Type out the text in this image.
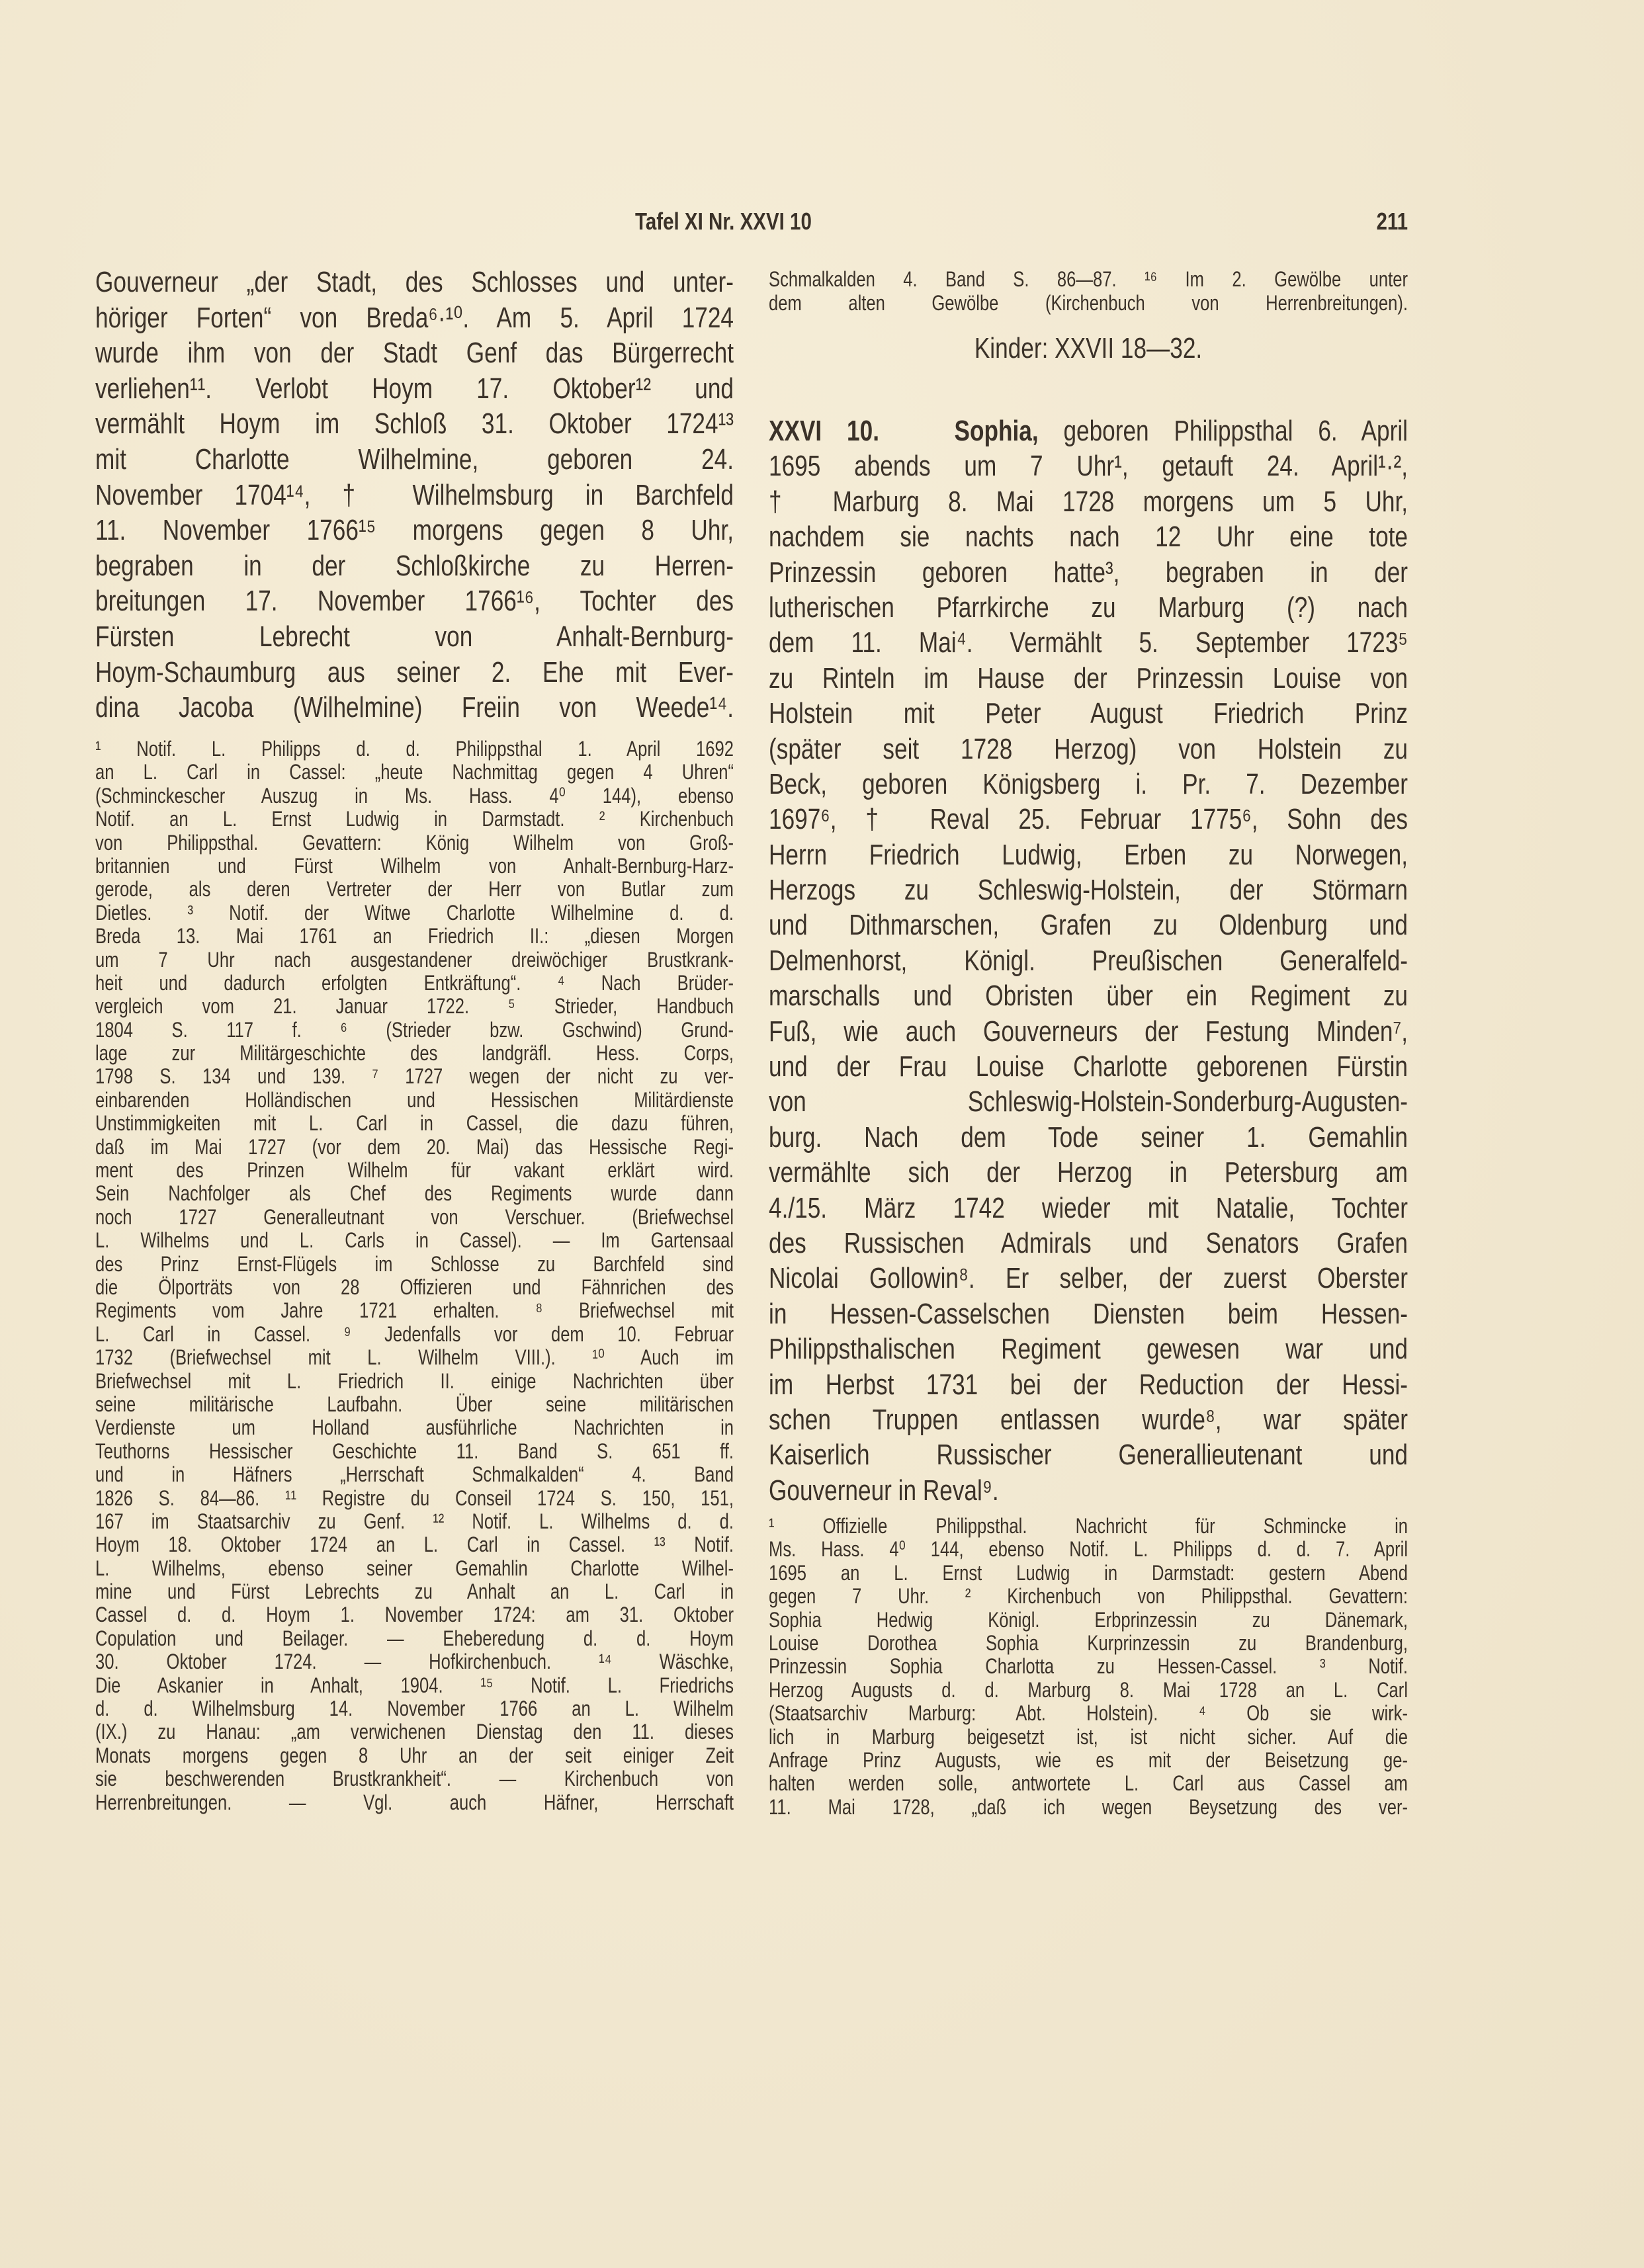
Tafel XI Nr. XXVI 10	211
Gouverneur „der Stadt, des Schlosses und unter-
höriger Forten“ von Breda⁶·¹⁰. Am 5. April 1724
wurde ihm von der Stadt Genf das Bürgerrecht
verliehen¹¹. Verlobt Hoym 17. Oktober¹² und
vermählt Hoym im Schloß 31. Oktober 1724¹³
mit Charlotte Wilhelmine, geboren 24.
November 1704¹⁴, † Wilhelmsburg in Barchfeld
11. November 1766¹⁵ morgens gegen 8 Uhr,
begraben in der Schloßkirche zu Herren-
breitungen 17. November 1766¹⁶, Tochter des
Fürsten Lebrecht von Anhalt-Bernburg-
Hoym-Schaumburg aus seiner 2. Ehe mit Ever-
dina Jacoba (Wilhelmine) Freiin von Weede¹⁴.
¹ Notif. L. Philipps d. d. Philippsthal 1. April 1692
an L. Carl in Cassel: „heute Nachmittag gegen 4 Uhren“
(Schminckescher Auszug in Ms. Hass. 4⁰ 144), ebenso
Notif. an L. Ernst Ludwig in Darmstadt. ² Kirchenbuch
von Philippsthal. Gevattern: König Wilhelm von Groß-
britannien und Fürst Wilhelm von Anhalt-Bernburg-Harz-
gerode, als deren Vertreter der Herr von Butlar zum
Dietles. ³ Notif. der Witwe Charlotte Wilhelmine d. d.
Breda 13. Mai 1761 an Friedrich II.: „diesen Morgen
um 7 Uhr nach ausgestandener dreiwöchiger Brustkrank-
heit und dadurch erfolgten Entkräftung“. ⁴ Nach Brüder-
vergleich vom 21. Januar 1722. ⁵ Strieder, Handbuch
1804 S. 117 f. ⁶ (Strieder bzw. Gschwind) Grund-
lage zur Militärgeschichte des landgräfl. Hess. Corps,
1798 S. 134 und 139. ⁷ 1727 wegen der nicht zu ver-
einbarenden Holländischen und Hessischen Militärdienste
Unstimmigkeiten mit L. Carl in Cassel, die dazu führen,
daß im Mai 1727 (vor dem 20. Mai) das Hessische Regi-
ment des Prinzen Wilhelm für vakant erklärt wird.
Sein Nachfolger als Chef des Regiments wurde dann
noch 1727 Generalleutnant von Verschuer. (Briefwechsel
L. Wilhelms und L. Carls in Cassel). — Im Gartensaal
des Prinz Ernst-Flügels im Schlosse zu Barchfeld sind
die Ölporträts von 28 Offizieren und Fähnrichen des
Regiments vom Jahre 1721 erhalten. ⁸ Briefwechsel mit
L. Carl in Cassel. ⁹ Jedenfalls vor dem 10. Februar
1732 (Briefwechsel mit L. Wilhelm VIII.). ¹⁰ Auch im
Briefwechsel mit L. Friedrich II. einige Nachrichten über
seine militärische Laufbahn. Über seine militärischen
Verdienste um Holland ausführliche Nachrichten in
Teuthorns Hessischer Geschichte 11. Band S. 651 ff.
und in Häfners „Herrschaft Schmalkalden“ 4. Band
1826 S. 84—86. ¹¹ Registre du Conseil 1724 S. 150, 151,
167 im Staatsarchiv zu Genf. ¹² Notif. L. Wilhelms d. d.
Hoym 18. Oktober 1724 an L. Carl in Cassel. ¹³ Notif.
L. Wilhelms, ebenso seiner Gemahlin Charlotte Wilhel-
mine und Fürst Lebrechts zu Anhalt an L. Carl in
Cassel d. d. Hoym 1. November 1724: am 31. Oktober
Copulation und Beilager. — Eheberedung d. d. Hoym
30. Oktober 1724. — Hofkirchenbuch. ¹⁴ Wäschke,
Die Askanier in Anhalt, 1904. ¹⁵ Notif. L. Friedrichs
d. d. Wilhelmsburg 14. November 1766 an L. Wilhelm
(IX.) zu Hanau: „am verwichenen Dienstag den 11. dieses
Monats morgens gegen 8 Uhr an der seit einiger Zeit
sie beschwerenden Brustkrankheit“. — Kirchenbuch von
Herrenbreitungen. — Vgl. auch Häfner, Herrschaft
Schmalkalden 4. Band S. 86—87. ¹⁶ Im 2. Gewölbe unter
dem alten Gewölbe (Kirchenbuch von Herrenbreitungen).
Kinder: XXVII 18—32.
XXVI 10.	Sophia, geboren Philippsthal 6. April
1695 abends um 7 Uhr¹, getauft 24. April¹·²,
† Marburg 8. Mai 1728 morgens um 5 Uhr,
nachdem sie nachts nach 12 Uhr eine tote
Prinzessin geboren hatte³, begraben in der
lutherischen Pfarrkirche zu Marburg (?) nach
dem 11. Mai⁴. Vermählt 5. September 1723⁵
zu Rinteln im Hause der Prinzessin Louise von
Holstein mit Peter August Friedrich Prinz
(später seit 1728 Herzog) von Holstein zu
Beck, geboren Königsberg i. Pr. 7. Dezember
1697⁶, † Reval 25. Februar 1775⁶, Sohn des
Herrn Friedrich Ludwig, Erben zu Norwegen,
Herzogs zu Schleswig-Holstein, der Störmarn
und Dithmarschen, Grafen zu Oldenburg und
Delmenhorst, Königl. Preußischen Generalfeld-
marschalls und Obristen über ein Regiment zu
Fuß, wie auch Gouverneurs der Festung Minden⁷,
und der Frau Louise Charlotte geborenen Fürstin
von Schleswig-Holstein-Sonderburg-Augusten-
burg. Nach dem Tode seiner 1. Gemahlin
vermählte sich der Herzog in Petersburg am
4./15. März 1742 wieder mit Natalie, Tochter
des Russischen Admirals und Senators Grafen
Nicolai Gollowin⁸. Er selber, der zuerst Oberster
in Hessen-Casselschen Diensten beim Hessen-
Philippsthalischen Regiment gewesen war und
im Herbst 1731 bei der Reduction der Hessi-
schen Truppen entlassen wurde⁸, war später
Kaiserlich Russischer Generallieutenant und
Gouverneur in Reval⁹.
¹ Offizielle Philippsthal. Nachricht für Schmincke in
Ms. Hass. 4⁰ 144, ebenso Notif. L. Philipps d. d. 7. April
1695 an L. Ernst Ludwig in Darmstadt: gestern Abend
gegen 7 Uhr. ² Kirchenbuch von Philippsthal. Gevattern:
Sophia Hedwig Königl. Erbprinzessin zu Dänemark,
Louise Dorothea Sophia Kurprinzessin zu Brandenburg,
Prinzessin Sophia Charlotta zu Hessen-Cassel. ³ Notif.
Herzog Augusts d. d. Marburg 8. Mai 1728 an L. Carl
(Staatsarchiv Marburg: Abt. Holstein). ⁴ Ob sie wirk-
lich in Marburg beigesetzt ist, ist nicht sicher. Auf die
Anfrage Prinz Augusts, wie es mit der Beisetzung ge-
halten werden solle, antwortete L. Carl aus Cassel am
11. Mai 1728, „daß ich wegen Beysetzung des ver-
